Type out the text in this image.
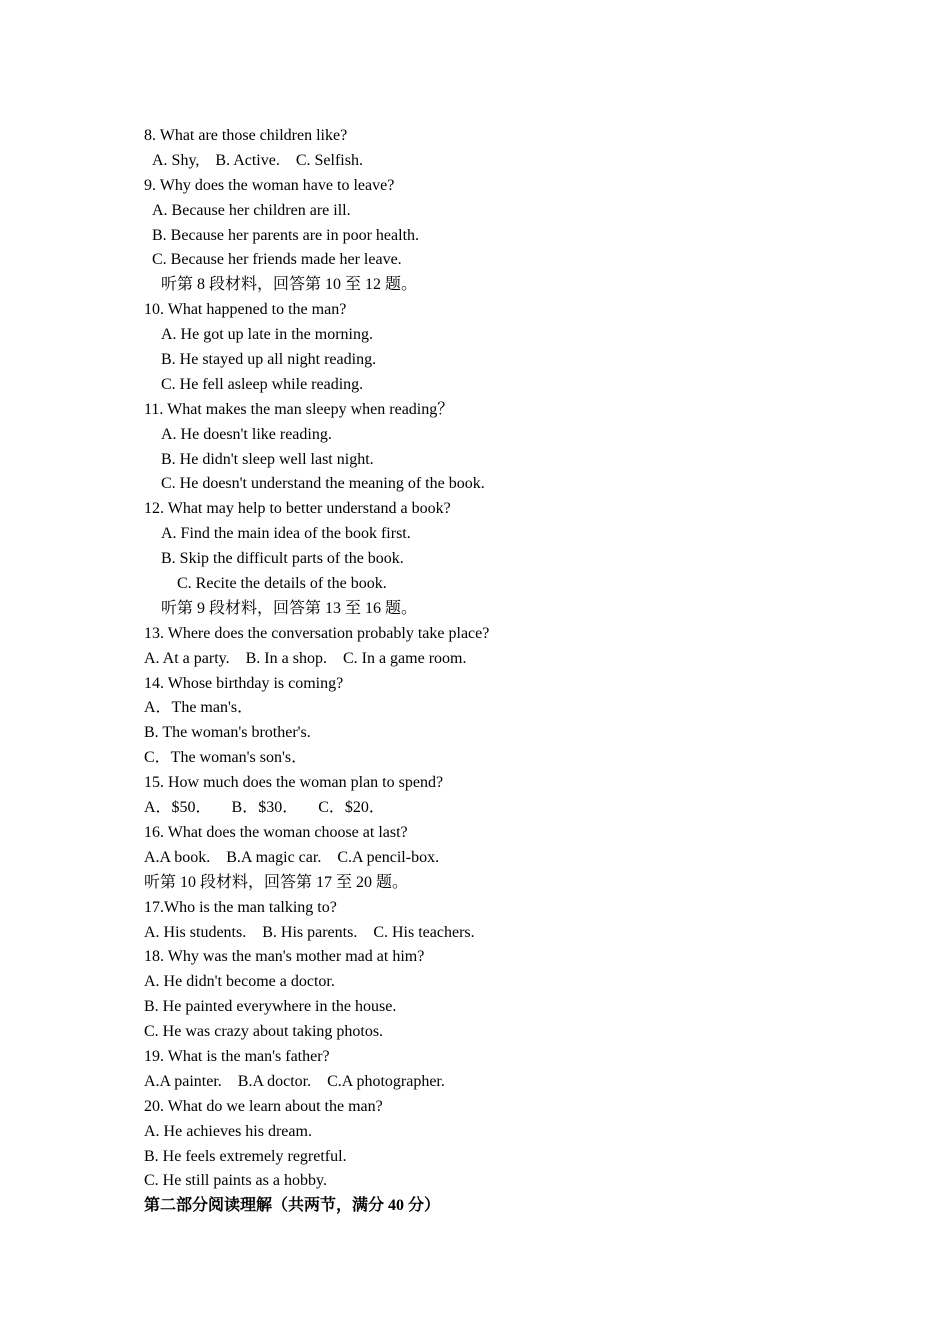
8. What are those children like?
A. Shy,    B. Active.    C. Selfish.
9. Why does the woman have to leave?
A. Because her children are ill.
B. Because her parents are in poor health.
C. Because her friends made her leave.
听第 8 段材料，回答第 10 至 12 题。
10. What happened to the man?
A. He got up late in the morning.
B. He stayed up all night reading.
C. He fell asleep while reading.
11. What makes the man sleepy when reading？
A. He doesn't like reading.
B. He didn't sleep well last night.
C. He doesn't understand the meaning of the book.
12. What may help to better understand a book?
A. Find the main idea of the book first.
B. Skip the difficult parts of the book.
C. Recite the details of the book.
听第 9 段材料，回答第 13 至 16 题。
13. Where does the conversation probably take place?
A. At a party.    B. In a shop.    C. In a game room.
14. Whose birthday is coming?
A．The man's．
B. The woman's brother's.
C．The woman's son's．
15. How much does the woman plan to spend?
A．$50．     B．$30．     C．$20．
16. What does the woman choose at last?
A.A book.    B.A magic car.    C.A pencil-box.
听第 10 段材料，回答第 17 至 20 题。
17.Who is the man talking to?
A. His students.    B. His parents.    C. His teachers.
18. Why was the man's mother mad at him?
A. He didn't become a doctor.
B. He painted everywhere in the house.
C. He was crazy about taking photos.
19. What is the man's father?
A.A painter.    B.A doctor.    C.A photographer.
20. What do we learn about the man?
A. He achieves his dream.
B. He feels extremely regretful.
C. He still paints as a hobby.
第二部分阅读理解（共两节，满分 40 分）
